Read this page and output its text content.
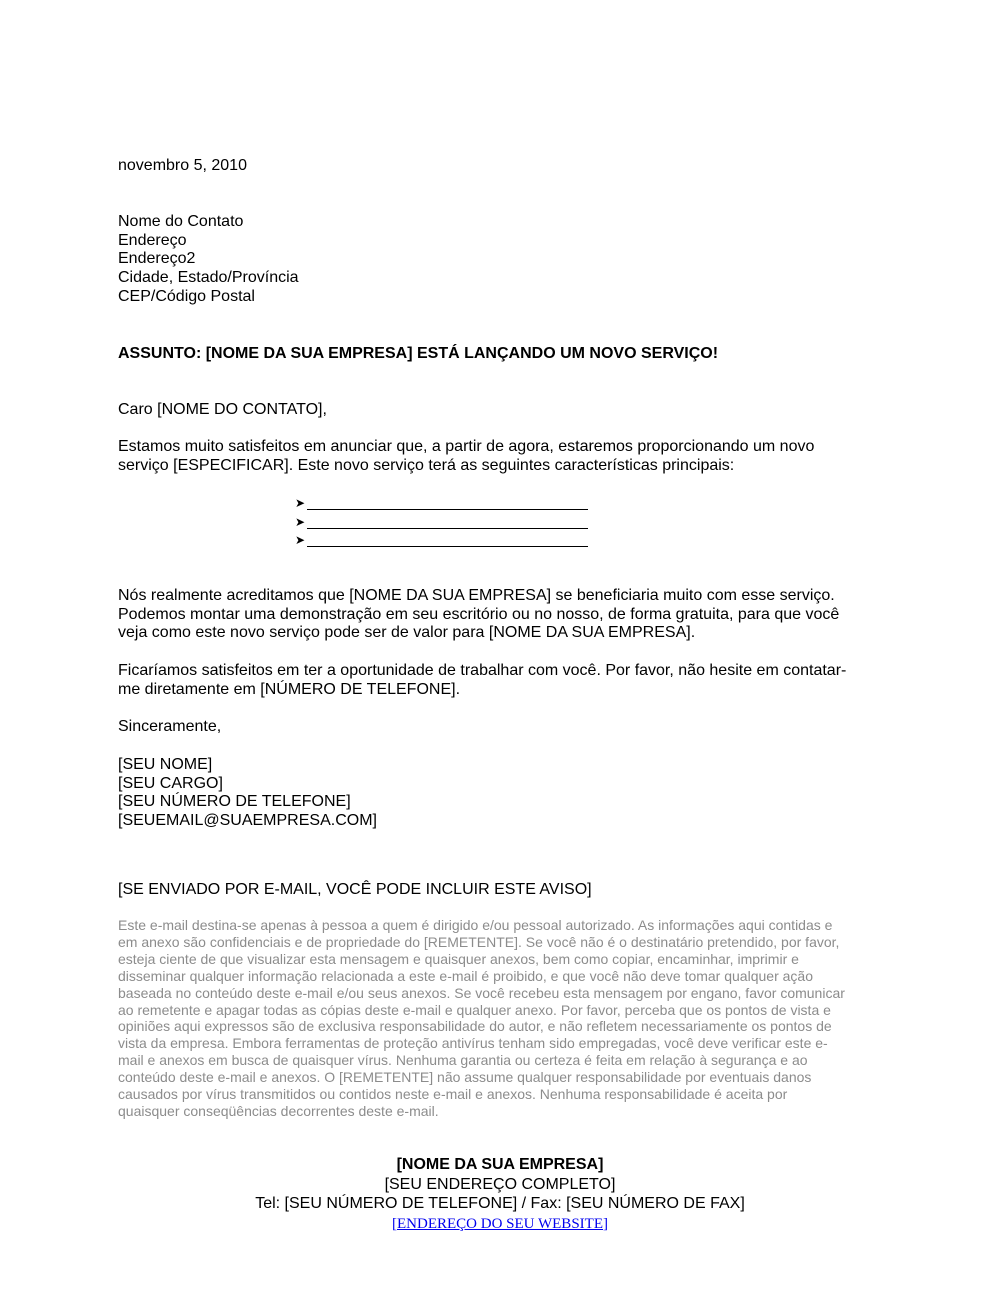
novembro 5, 2010
Nome do Contato
Endereço
Endereço2
Cidade, Estado/Província
CEP/Código Postal
ASSUNTO: [NOME DA SUA EMPRESA] ESTÁ LANÇANDO UM NOVO SERVIÇO!
Caro [NOME DO CONTATO],
Estamos muito satisfeitos em anunciar que, a partir de agora, estaremos proporcionando um novo
serviço [ESPECIFICAR]. Este novo serviço terá as seguintes características principais:
➤
➤
➤
Nós realmente acreditamos que [NOME DA SUA EMPRESA] se beneficiaria muito com esse serviço.
Podemos montar uma demonstração em seu escritório ou no nosso, de forma gratuita, para que você
veja como este novo serviço pode ser de valor para [NOME DA SUA EMPRESA].
Ficaríamos satisfeitos em ter a oportunidade de trabalhar com você. Por favor, não hesite em contatar-
me diretamente em [NÚMERO DE TELEFONE].
Sinceramente,
[SEU NOME]
[SEU CARGO]
[SEU NÚMERO DE TELEFONE]
[SEUEMAIL@SUAEMPRESA.COM]
[SE ENVIADO POR E-MAIL, VOCÊ PODE INCLUIR ESTE AVISO]
Este e-mail destina-se apenas à pessoa a quem é dirigido e/ou pessoal autorizado. As informações aqui contidas e
em anexo são confidenciais e de propriedade do [REMETENTE]. Se você não é o destinatário pretendido, por favor,
esteja ciente de que visualizar esta mensagem e quaisquer anexos, bem como copiar, encaminhar, imprimir e
disseminar qualquer informação relacionada a este e-mail é proibido, e que você não deve tomar qualquer ação
baseada no conteúdo deste e-mail e/ou seus anexos. Se você recebeu esta mensagem por engano, favor comunicar
ao remetente e apagar todas as cópias deste e-mail e qualquer anexo. Por favor, perceba que os pontos de vista e
opiniões aqui expressos são de exclusiva responsabilidade do autor, e não refletem necessariamente os pontos de
vista da empresa. Embora ferramentas de proteção antivírus tenham sido empregadas, você deve verificar este e-
mail e anexos em busca de quaisquer vírus. Nenhuma garantia ou certeza é feita em relação à segurança e ao
conteúdo deste e-mail e anexos. O [REMETENTE] não assume qualquer responsabilidade por eventuais danos
causados por vírus transmitidos ou contidos neste e-mail e anexos. Nenhuma responsabilidade é aceita por
quaisquer conseqüências decorrentes deste e-mail.
[NOME DA SUA EMPRESA]
[SEU ENDEREÇO COMPLETO]
Tel: [SEU NÚMERO DE TELEFONE] / Fax: [SEU NÚMERO DE FAX]
[ENDEREÇO DO SEU WEBSITE]
